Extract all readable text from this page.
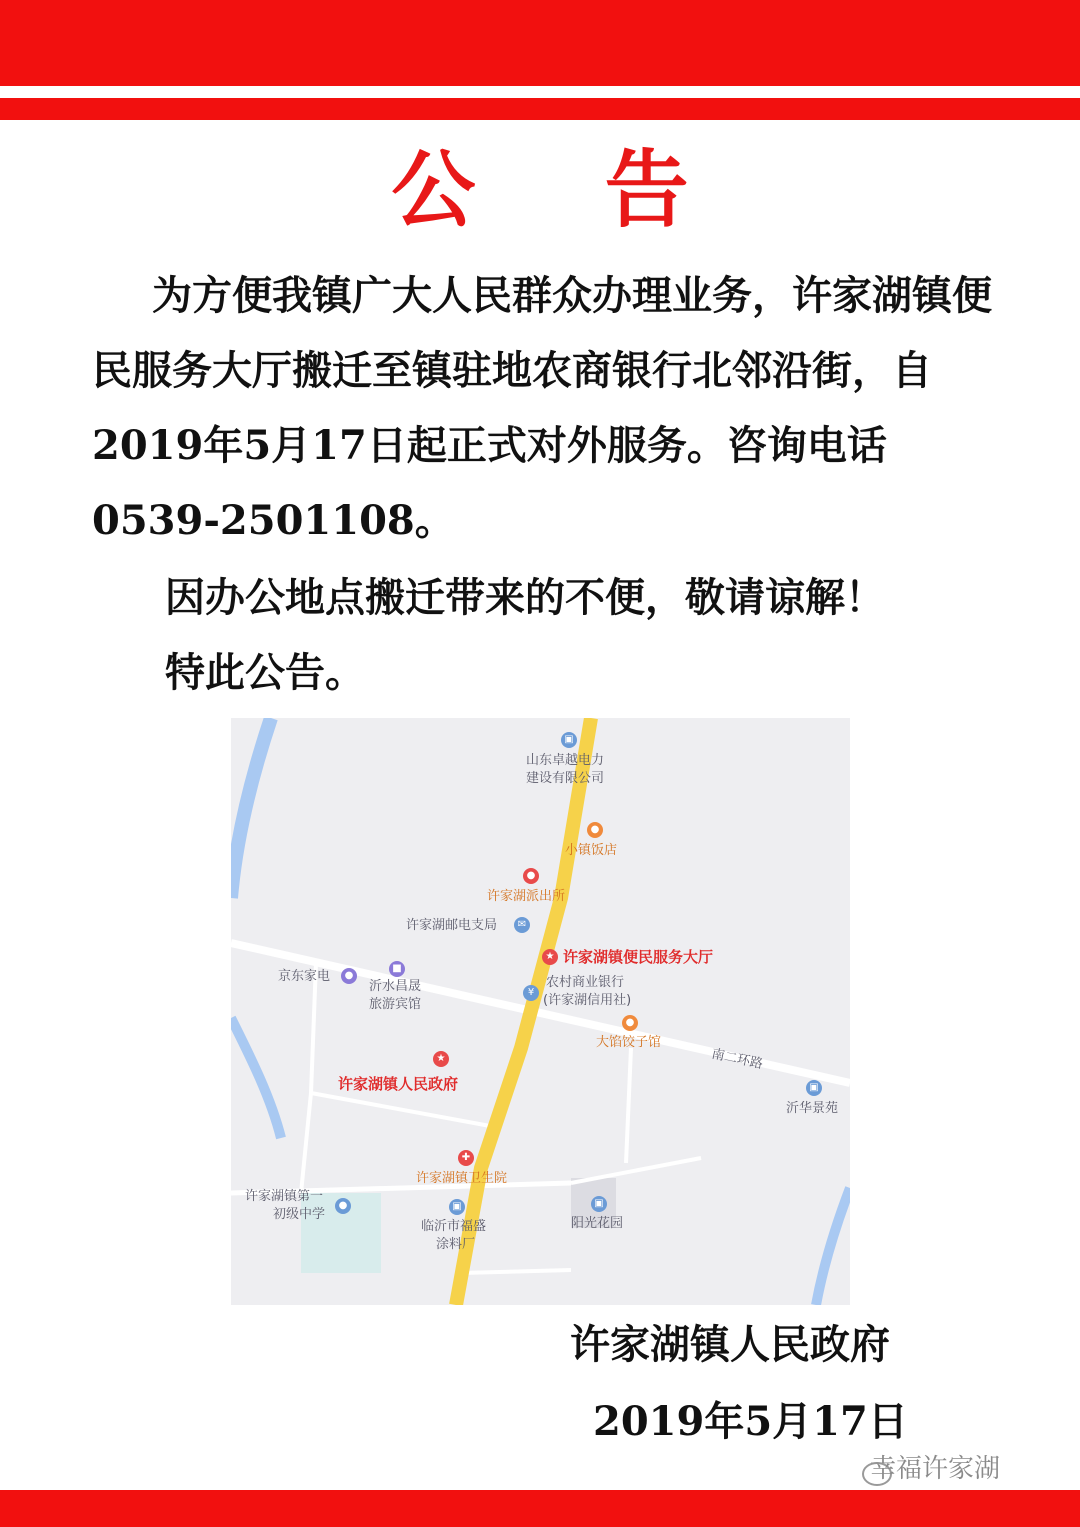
公 告

为方便我镇广大人民群众办理业务，许家湖镇便民服务大厅搬迁至镇驻地农商银行北邻沿街，自2019年5月17日起正式对外服务。咨询电话 0539-2501108。

因办公地点搬迁带来的不便，敬请谅解！

特此公告。

▣
山东卓越电力
建设有限公司
●
小镇饭店
●
许家湖派出所
许家湖邮电支局	✉
★ 许家湖镇便民服务大厅
京东家电	●
■
沂水昌晟
旅游宾馆
¥
农村商业银行
(许家湖信用社)
●
大馅饺子馆
南二环路
▣
沂华景苑
★
许家湖镇人民政府
✚
许家湖镇卫生院
许家湖镇第一
初级中学
●	▣
临沂市福盛
涂料厂
▣
阳光花园

许家湖镇人民政府

2019年5月17日

幸福许家湖
